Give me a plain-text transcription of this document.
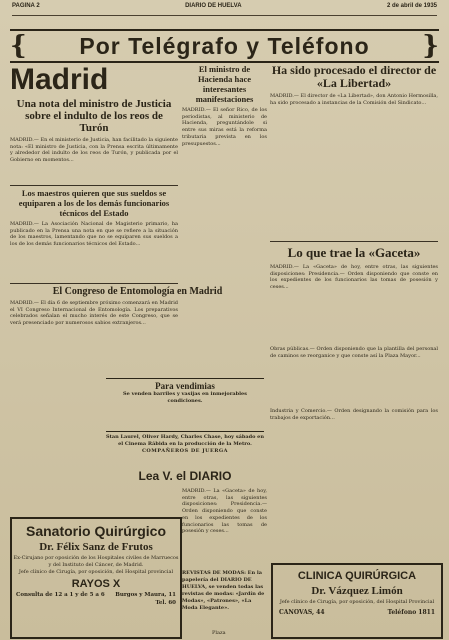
PAGINA 2	DIARIO DE HUELVA	2 de abril de 1935
{ Por Telégrafo y Teléfono }
Madrid
Una nota del ministro de Justicia sobre el indulto de los reos de Turón
MADRID.— En el ministerio de Justicia, han facilitado la siguiente nota: «El ministro de Justicia, con la Prensa escrita últimamente y alrededor del indulto de los reos de Turón, y publicada por el Gobierno en momentos...
Los maestros quieren que sus sueldos se equiparen a los de los demás funcionarios técnicos del Estado
MADRID.— La Asociación Nacional de Magisterio primario, ha publicado en la Prensa una nota en que se refiere a la situación de los maestros, lamentando que no se equiparen sus sueldos a los de los demás funcionarios técnicos del Estado...
El Congreso de Entomología en Madrid
MADRID.— El día 6 de septiembre próximo comenzará en Madrid el VI Congreso Internacional de Entomología. Los preparativos celebrados señalan el mucho interés de este Congreso, que se verá presenciado por numerosos sabios extranjeros...
El ministro de Hacienda hace interesantes manifestaciones
MADRID.— El señor Rico, de los periodistas, al ministerio de Hacienda, preguntándole si entre sus miras está la reforma tributaria prevista en los presupuestos...
Para vendimias
Se venden barriles y vasijas en inmejorables condiciones.
Stan Laurel, Oliver Hardy, Charles Chase, hoy sábado en el Cinema Rábida en la producción de la Metro.
COMPAÑEROS DE JUERGA
Lea V. el DIARIO
MADRID.— La «Gaceta» de hoy, entre otras, las siguientes disposiciones: Presidencia.— Orden disponiendo que conste en los expedientes de los funcionarios las tomas de posesión y ceses...
REVISTAS DE MODAS: En la papelería del DIARIO DE HUELVA, se venden todas las revistas de modas: «Jardín de Modas», «Patrones», «La Moda Elegante».
Plaza
Ha sido procesado el director de «La Libertad»
MADRID.— El director de «La Libertad», don Antonio Hermosilla, ha sido procesado a instancias de la Comisión del Sindicato...
Lo que trae la «Gaceta»
MADRID.— La «Gaceta» de hoy, entre otras, las siguientes disposiciones: Presidencia.— Orden disponiendo que conste en los expedientes de los funcionarios las tomas de posesión y ceses...
Obras públicas.— Orden disponiendo que la plantilla del personal de caminos se reorganice y que conste así la Plaza Mayor...
Industria y Comercio.— Orden designando la comisión para los trabajos de exportación...
Sanatorio Quirúrgico
Dr. Félix Sanz de Frutos
Ex-Cirujano por oposición de los Hospitales civiles de Marruecos y del Instituto del Cáncer, de Madrid.
Jefe clínico de Cirugía, por oposición, del Hospital provincial
RAYOS X
Consulta de 12 a 1 y de 5 a 6 Burgos y Maura, 11
Tel. 60
CLINICA QUIRÚRGICA
Dr. Vázquez Limón
Jefe clínico de Cirugía, por oposición, del Hospital Provincial
CANOVAS, 44	Teléfono 1811
